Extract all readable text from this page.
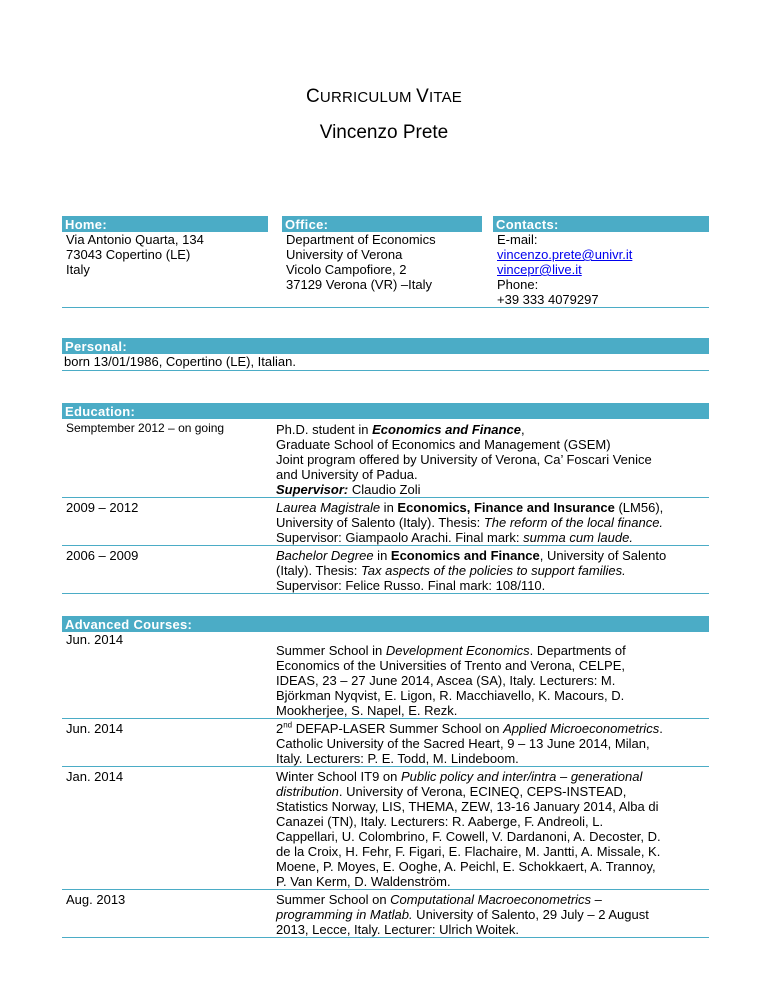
CURRICULUM VITAE
Vincenzo Prete
Home:
Via Antonio Quarta, 134
73043 Copertino (LE)
Italy
Office:
Department of Economics
University of Verona
Vicolo Campofiore, 2
37129 Verona (VR) –Italy
Contacts:
E-mail:
vincenzo.prete@univr.it
vincepr@live.it
Phone:
+39 333 4079297
Personal:
born 13/01/1986, Copertino (LE), Italian.
Education:
Semptember 2012 – on going	Ph.D. student in Economics and Finance,

Graduate School of Economics and Management (GSEM)

Joint program offered by University of Verona, Ca’ Foscari Venice

and University of Padua.

Supervisor: Claudio Zoli

2009 – 2012	Laurea Magistrale in Economics, Finance and Insurance (LM56),

University of Salento (Italy). Thesis: The reform of the local finance.

Supervisor: Giampaolo Arachi. Final mark: summa cum laude.

2006 – 2009	Bachelor Degree in Economics and Finance, University of Salento

(Italy). Thesis: Tax aspects of the policies to support families.

Supervisor: Felice Russo. Final mark: 108/110.

Advanced Courses:
Jun. 2014

Summer School in Development Economics. Departments of

Economics of the Universities of Trento and Verona, CELPE,

IDEAS, 23 – 27 June 2014, Ascea (SA), Italy. Lecturers: M.

Björkman Nyqvist, E. Ligon, R. Macchiavello, K. Macours, D.

Mookherjee, S. Napel, E. Rezk.

Jun. 2014	2nd DEFAP-LASER Summer School on Applied Microeconometrics.

Catholic University of the Sacred Heart, 9 – 13 June 2014, Milan,

Italy. Lecturers: P. E. Todd, M. Lindeboom.

Jan. 2014	Winter School IT9 on Public policy and inter/intra – generational

distribution. University of Verona, ECINEQ, CEPS-INSTEAD,

Statistics Norway, LIS, THEMA, ZEW, 13-16 January 2014, Alba di

Canazei (TN), Italy. Lecturers: R. Aaberge, F. Andreoli, L.

Cappellari, U. Colombrino, F. Cowell, V. Dardanoni, A. Decoster, D.

de la Croix, H. Fehr, F. Figari, E. Flachaire, M. Jantti, A. Missale, K.

Moene, P. Moyes, E. Ooghe, A. Peichl, E. Schokkaert, A. Trannoy,

P. Van Kerm, D. Waldenström.

Aug. 2013	Summer School on Computational Macroeconometrics –

programming in Matlab. University of Salento, 29 July – 2 August

2013, Lecce, Italy. Lecturer: Ulrich Woitek.
